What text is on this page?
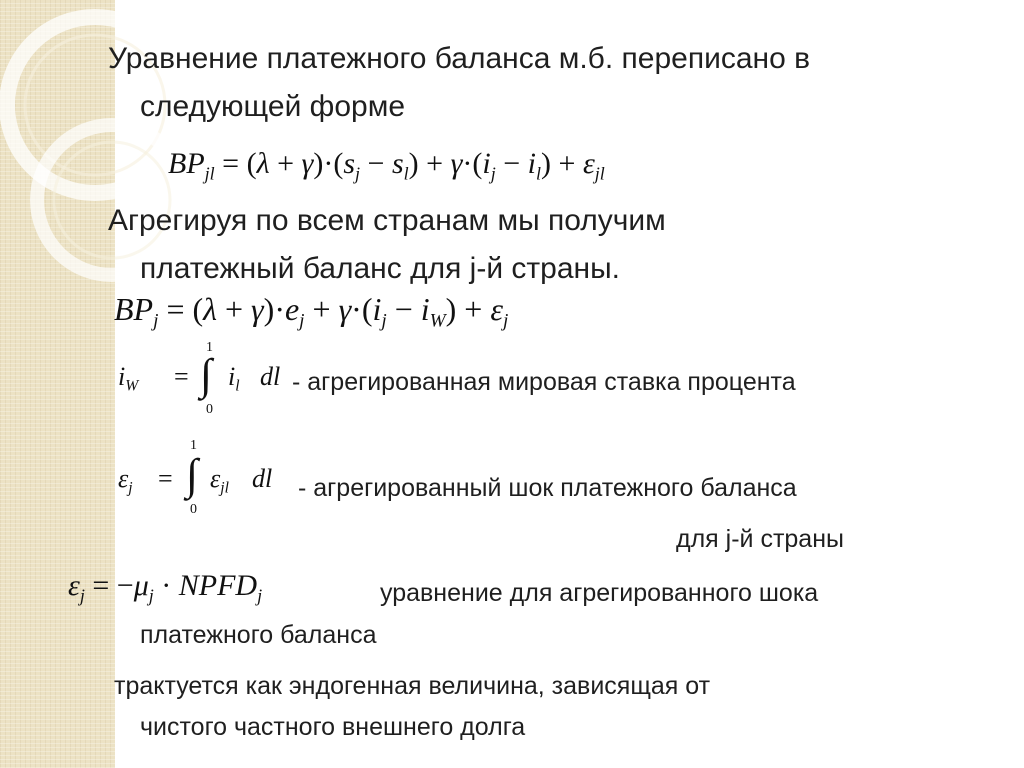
Уравнение платежного баланса м.б. переписано в
следующей форме
$BP_{jl} = (\lambda + \gamma)\cdot(s_j - s_l) + \gamma\cdot(i_j - i_l) + \varepsilon_{jl}$
Агрегируя по всем странам мы получим
платежный баланс для j-й страны.
$BP_j = (\lambda + \gamma)\cdot e_j + \gamma\cdot(i_j - i_W) + \varepsilon_j$
$i_W$ =
1
∫
0
$i_l$ dl - агрегированная мировая ставка процента
$\varepsilon_j$ =
1
∫
0
$\varepsilon_{jl}$ dl - агрегированный шок платежного баланса
для j-й страны
$\varepsilon_j = -\mu_j$ · $NPFD_j$	уравнение для агрегированного шока
платежного баланса
трактуется как эндогенная величина, зависящая от
чистого частного внешнего долга
